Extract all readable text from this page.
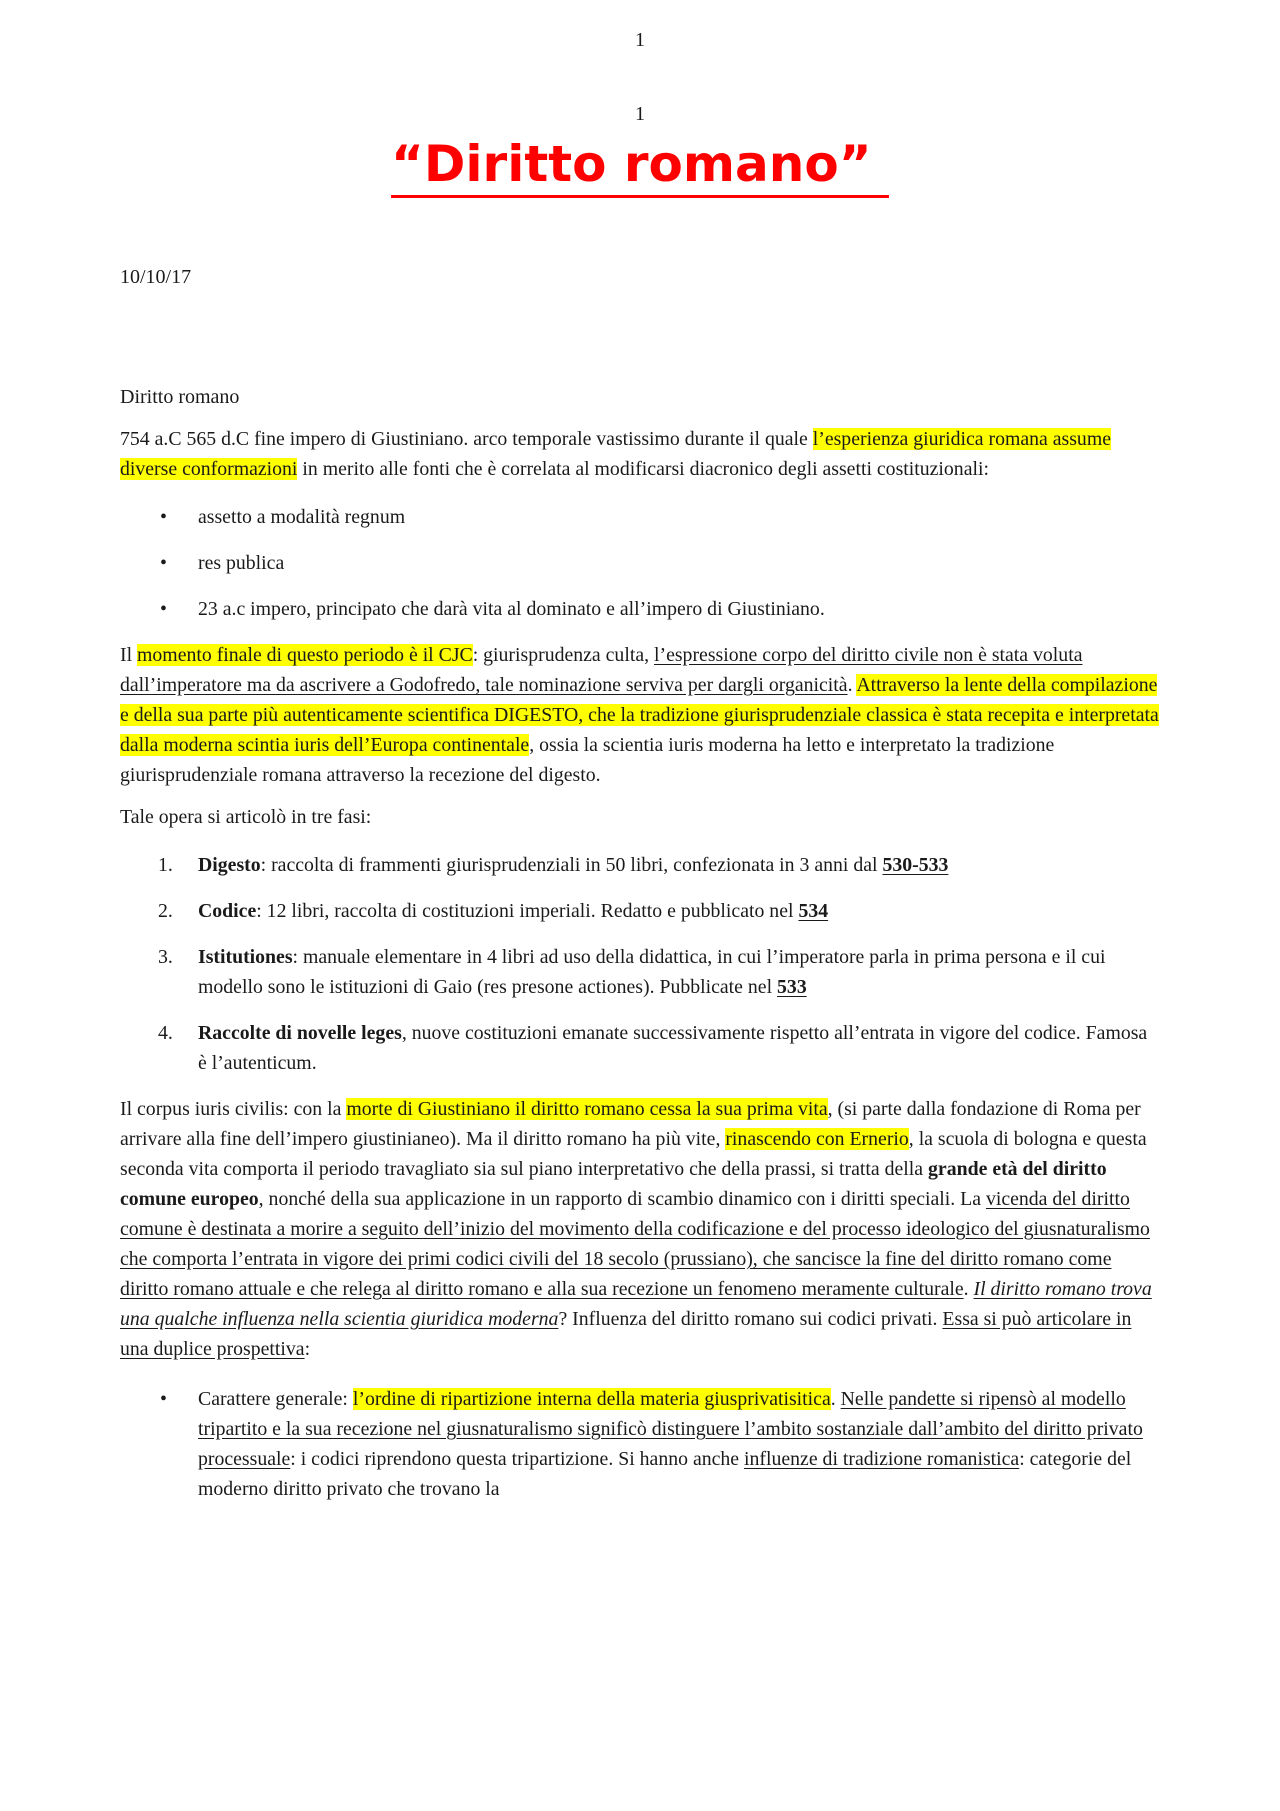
1
1
“Diritto romano”
10/10/17
Diritto romano

754 a.C 565 d.C fine impero di Giustiniano. arco temporale vastissimo durante il quale l’esperienza giuridica romana assume diverse conformazioni in merito alle fonti che è correlata al modificarsi diacronico degli assetti costituzionali:

• assetto a modalità regnum
• res publica
• 23 a.c impero, principato che darà vita al dominato e all’impero di Giustiniano.

Il momento finale di questo periodo è il CJC: giurisprudenza culta, l’espressione corpo del diritto civile non è stata voluta dall’imperatore ma da ascrivere a Godofredo, tale nominazione serviva per dargli organicità. Attraverso la lente della compilazione e della sua parte più autenticamente scientifica DIGESTO, che la tradizione giurisprudenziale classica è stata recepita e interpretata dalla moderna scintia iuris dell’Europa continentale, ossia la scientia iuris moderna ha letto e interpretato la tradizione giurisprudenziale romana attraverso la recezione del digesto.

Tale opera si articolò in tre fasi:

1. Digesto: raccolta di frammenti giurisprudenziali in 50 libri, confezionata in 3 anni dal 530-533
2. Codice: 12 libri, raccolta di costituzioni imperiali. Redatto e pubblicato nel 534
3. Istitutiones: manuale elementare in 4 libri ad uso della didattica, in cui l’imperatore parla in prima persona e il cui modello sono le istituzioni di Gaio (res presone actiones). Pubblicate nel 533
4. Raccolte di novelle leges, nuove costituzioni emanate successivamente rispetto all’entrata in vigore del codice. Famosa è l’autenticum.

Il corpus iuris civilis: con la morte di Giustiniano il diritto romano cessa la sua prima vita, (si parte dalla fondazione di Roma per arrivare alla fine dell’impero giustinianeo). Ma il diritto romano ha più vite, rinascendo con Ernerio, la scuola di bologna e questa seconda vita comporta il periodo travagliato sia sul piano interpretativo che della prassi, si tratta della grande età del diritto comune europeo, nonché della sua applicazione in un rapporto di scambio dinamico con i diritti speciali. La vicenda del diritto comune è destinata a morire a seguito dell’inizio del movimento della codificazione e del processo ideologico del giusnaturalismo che comporta l’entrata in vigore dei primi codici civili del 18 secolo (prussiano), che sancisce la fine del diritto romano come diritto romano attuale e che relega al diritto romano e alla sua recezione un fenomeno meramente culturale. Il diritto romano trova una qualche influenza nella scientia giuridica moderna? Influenza del diritto romano sui codici privati. Essa si può articolare in una duplice prospettiva:

• Carattere generale: l’ordine di ripartizione interna della materia giusprivatisitica. Nelle pandette si ripensò al modello tripartito e la sua recezione nel giusnaturalismo significò distinguere l’ambito sostanziale dall’ambito del diritto privato processuale: i codici riprendono questa tripartizione. Si hanno anche influenze di tradizione romanistica: categorie del moderno diritto privato che trovano la
